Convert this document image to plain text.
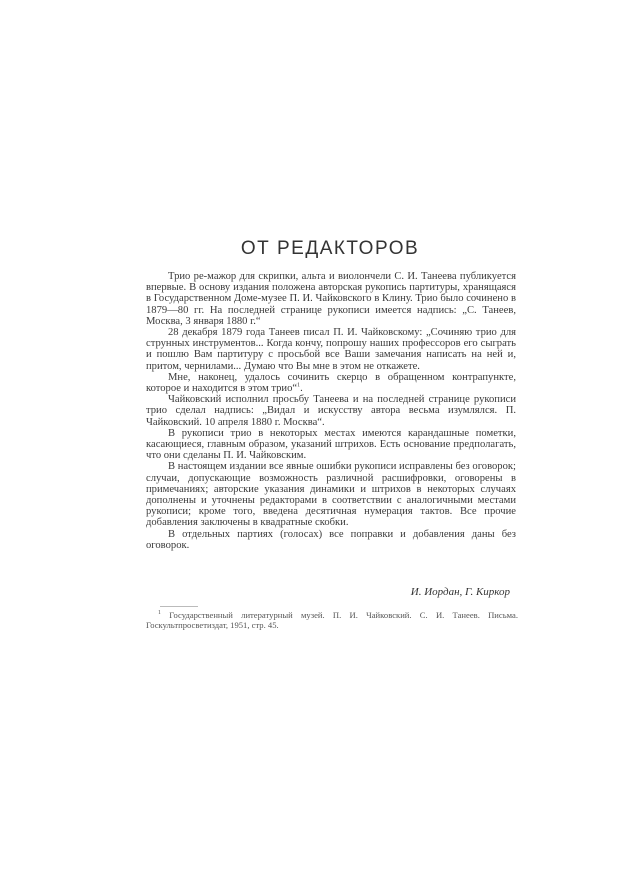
ОТ РЕДАКТОРОВ

Трио ре-мажор для скрипки, альта и виолончели С. И. Танеева публикуется впервые. В основу издания положена авторская рукопись партитуры, хранящаяся в Государственном Доме-музее П. И. Чайковского в Клину. Трио было сочинено в 1879—80 гг. На последней странице рукописи имеется надпись: „С. Танеев, Москва, 3 января 1880 г.“

28 декабря 1879 года Танеев писал П. И. Чайковскому: „Сочиняю трио для струнных инструментов... Когда кончу, попрошу наших профессоров его сыграть и пошлю Вам партитуру с просьбой все Ваши замечания написать на ней и, притом, чернилами... Думаю что Вы мне в этом не откажете.

Мне, наконец, удалось сочинить скерцо в обращенном контрапункте, которое и находится в этом трио“$^1$.

Чайковский исполнил просьбу Танеева и на последней странице рукописи трио сделал надпись: „Видал и искусству автора весьма изумлялся. П. Чайковский. 10 апреля 1880 г. Москва“.

В рукописи трио в некоторых местах имеются карандашные пометки, касающиеся, главным образом, указаний штрихов. Есть основание предполагать, что они сделаны П. И. Чайковским.

В настоящем издании все явные ошибки рукописи исправлены без оговорок; случаи, допускающие возможность различной расшифровки, оговорены в примечаниях; авторские указания динамики и штрихов в некоторых случаях дополнены и уточнены редакторами в соответствии с аналогичными местами рукописи; кроме того, введена десятичная нумерация тактов. Все прочие добавления заключены в квадратные скобки.

В отдельных партиях (голосах) все поправки и добавления даны без оговорок.

И. Иордан, Г. Киркор

$^1$ Государственный литературный музей. П. И. Чайковский. С. И. Танеев. Письма. Госкультпросветиздат, 1951, стр. 45.
